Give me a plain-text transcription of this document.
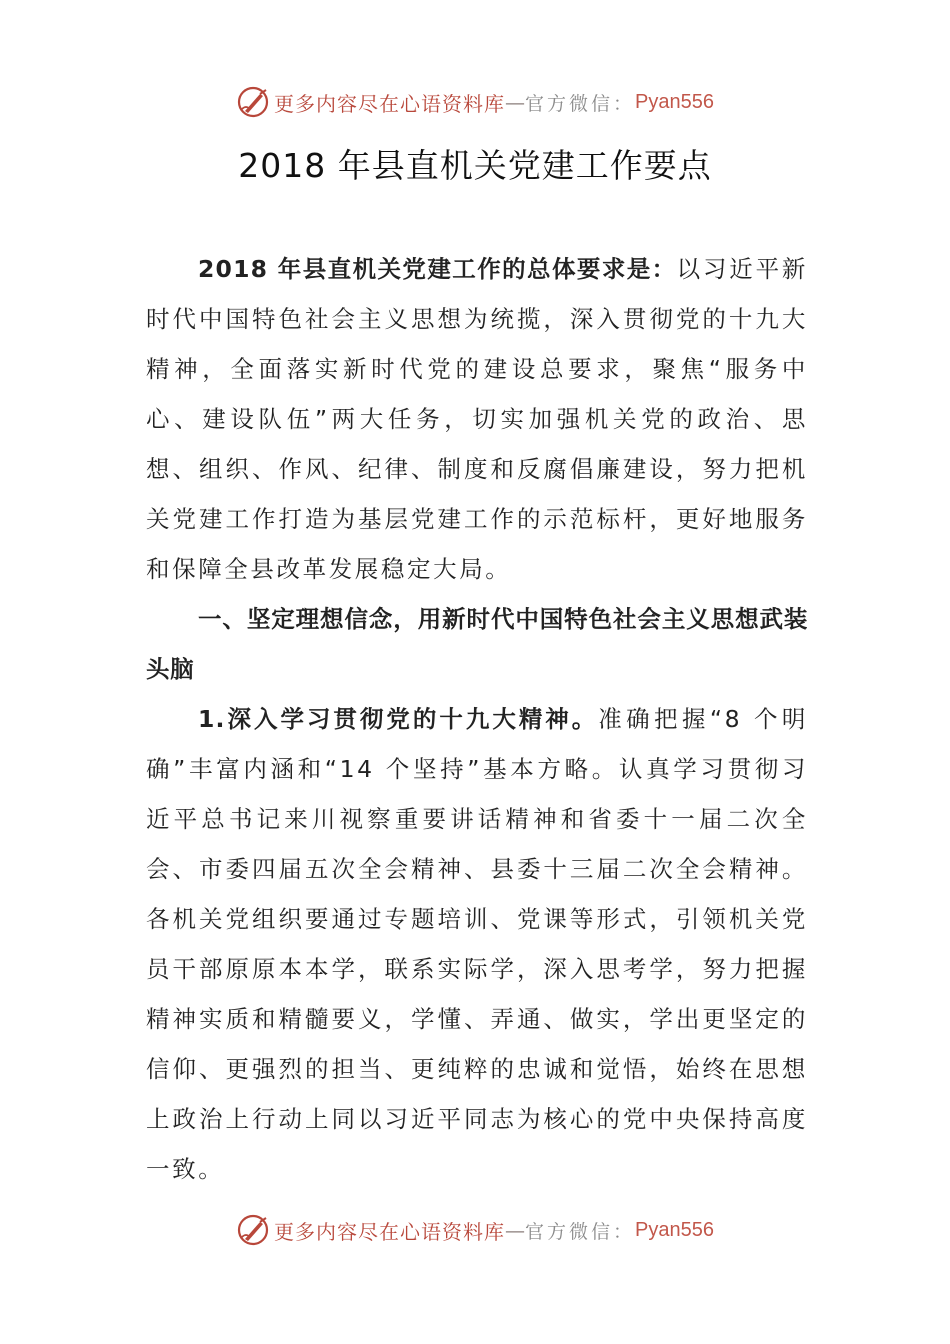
更多内容尽在心语资料库 — 官方微信： Pyan556
2018 年县直机关党建工作要点

2018 年县直机关党建工作的总体要求是：以习近平新时代中国特色社会主义思想为统揽，深入贯彻党的十九大精神，全面落实新时代党的建设总要求，聚焦“服务中心、建设队伍”两大任务，切实加强机关党的政治、思想、组织、作风、纪律、制度和反腐倡廉建设，努力把机关党建工作打造为基层党建工作的示范标杆，更好地服务和保障全县改革发展稳定大局。

一、坚定理想信念，用新时代中国特色社会主义思想武装头脑

1.深入学习贯彻党的十九大精神。准确把握“8 个明确”丰富内涵和“14 个坚持”基本方略。认真学习贯彻习近平总书记来川视察重要讲话精神和省委十一届二次全会、市委四届五次全会精神、县委十三届二次全会精神。各机关党组织要通过专题培训、党课等形式，引领机关党员干部原原本本学，联系实际学，深入思考学，努力把握精神实质和精髓要义，学懂、弄通、做实，学出更坚定的信仰、更强烈的担当、更纯粹的忠诚和觉悟，始终在思想上政治上行动上同以习近平同志为核心的党中央保持高度一致。

更多内容尽在心语资料库 — 官方微信： Pyan556
